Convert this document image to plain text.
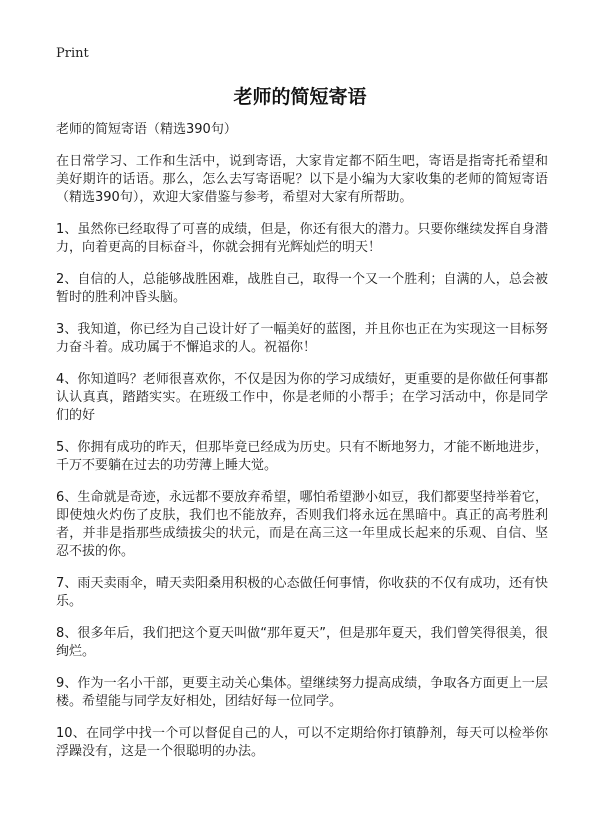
Print
老师的简短寄语

老师的简短寄语（精选390句）

在日常学习、工作和生活中，说到寄语，大家肯定都不陌生吧，寄语是指寄托希望和美好期许的话语。那么，怎么去写寄语呢？以下是小编为大家收集的老师的简短寄语（精选390句），欢迎大家借鉴与参考，希望对大家有所帮助。

1、虽然你已经取得了可喜的成绩，但是，你还有很大的潜力。只要你继续发挥自身潜力，向着更高的目标奋斗，你就会拥有光辉灿烂的明天！

2、自信的人，总能够战胜困难，战胜自己，取得一个又一个胜利；自满的人，总会被暂时的胜利冲昏头脑。

3、我知道，你已经为自己设计好了一幅美好的蓝图，并且你也正在为实现这一目标努力奋斗着。成功属于不懈追求的人。祝福你！

4、你知道吗？老师很喜欢你，不仅是因为你的学习成绩好，更重要的是你做任何事都认认真真，踏踏实实。在班级工作中，你是老师的小帮手；在学习活动中，你是同学们的好

5、你拥有成功的昨天，但那毕竟已经成为历史。只有不断地努力，才能不断地进步，千万不要躺在过去的功劳薄上睡大觉。

6、生命就是奇迹，永远都不要放弃希望，哪怕希望渺小如豆，我们都要坚持举着它，即使烛火灼伤了皮肤，我们也不能放弃，否则我们将永远在黑暗中。真正的高考胜利者，并非是指那些成绩拔尖的状元，而是在高三这一年里成长起来的乐观、自信、坚忍不拔的你。

7、雨天卖雨伞，晴天卖阳桑用积极的心态做任何事情，你收获的不仅有成功，还有快乐。

8、很多年后，我们把这个夏天叫做“那年夏天”，但是那年夏天，我们曾笑得很美，很绚烂。

9、作为一名小干部，更要主动关心集体。望继续努力提高成绩，争取各方面更上一层楼。希望能与同学友好相处，团结好每一位同学。

10、在同学中找一个可以督促自己的人，可以不定期给你打镇静剂，每天可以检举你浮躁没有，这是一个很聪明的办法。
